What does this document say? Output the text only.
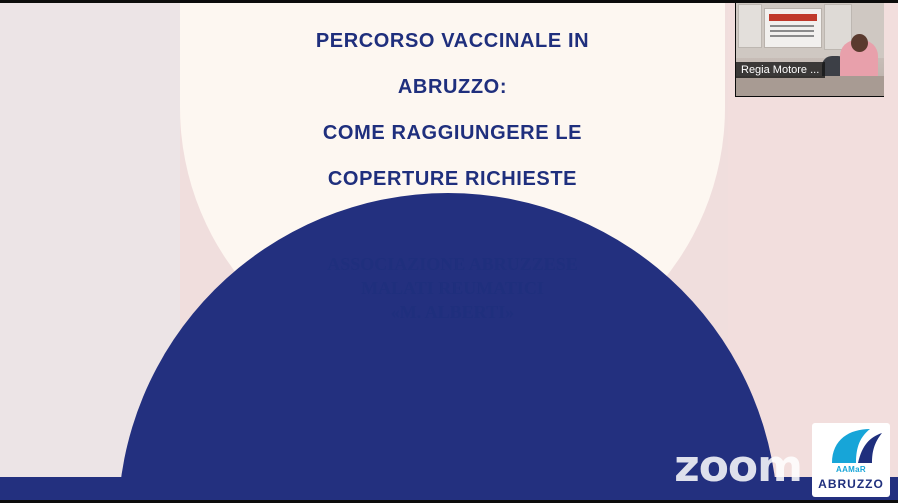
PERCORSO VACCINALE IN
ABRUZZO:
COME RAGGIUNGERE LE
COPERTURE RICHIESTE
ASSOCIAZIONE ABRUZZESE
MALATI REUMATICI
«M. ALBERTI»
zoom	AAMaR
ABRUZZO
Regia Motore ...
